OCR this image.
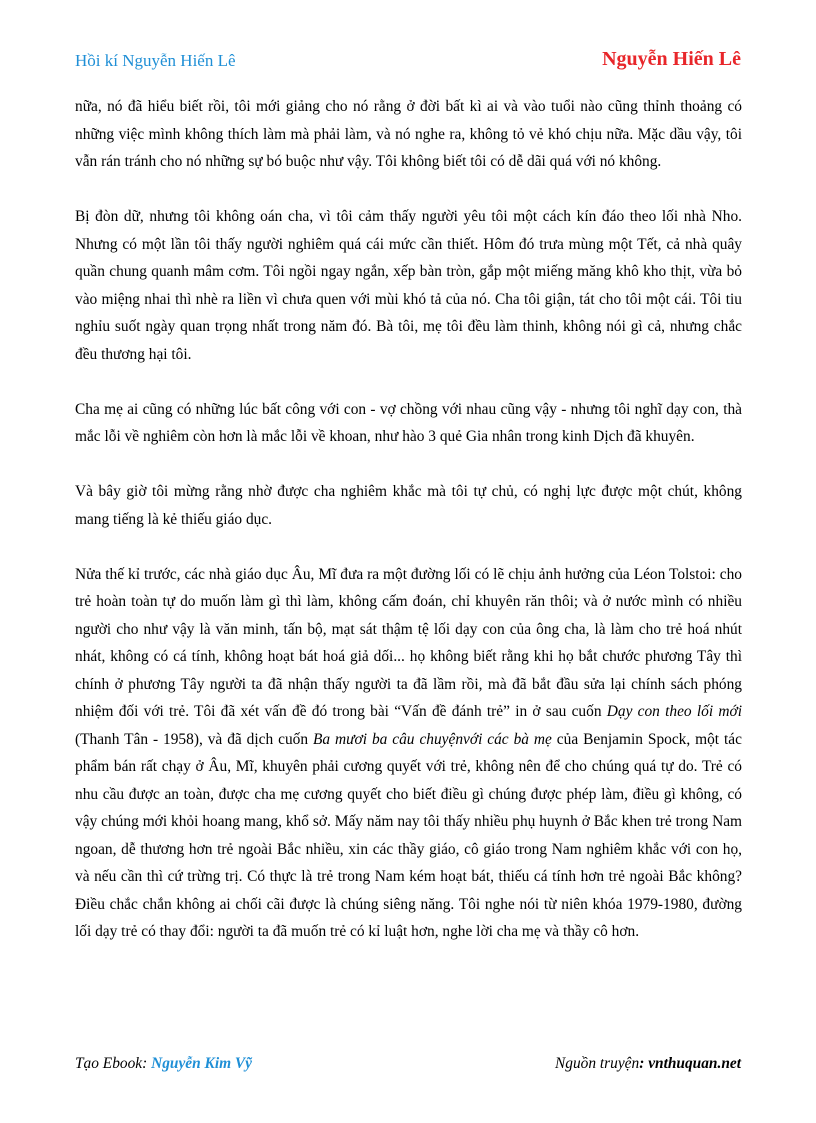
Hồi kí Nguyễn Hiến Lê	Nguyễn Hiến Lê

nữa, nó đã hiểu biết rồi, tôi mới giảng cho nó rằng ở đời bất kì ai và vào tuổi nào cũng thỉnh thoảng có những việc mình không thích làm mà phải làm, và nó nghe ra, không tỏ vẻ khó chịu nữa. Mặc dầu vậy, tôi vẫn rán tránh cho nó những sự bó buộc như vậy. Tôi không biết tôi có dễ dãi quá với nó không.

Bị đòn dữ, nhưng tôi không oán cha, vì tôi cảm thấy người yêu tôi một cách kín đáo theo lối nhà Nho. Nhưng có một lần tôi thấy người nghiêm quá cái mức cần thiết. Hôm đó trưa mùng một Tết, cả nhà quây quần chung quanh mâm cơm. Tôi ngồi ngay ngắn, xếp bàn tròn, gắp một miếng măng khô kho thịt, vừa bỏ vào miệng nhai thì nhè ra liền vì chưa quen với mùi khó tả của nó. Cha tôi giận, tát cho tôi một cái. Tôi tiu nghỉu suốt ngày quan trọng nhất trong năm đó. Bà tôi, mẹ tôi đều làm thinh, không nói gì cả, nhưng chắc đều thương hại tôi.

Cha mẹ ai cũng có những lúc bất công với con - vợ chồng với nhau cũng vậy - nhưng tôi nghĩ dạy con, thà mắc lỗi về nghiêm còn hơn là mắc lỗi về khoan, như hào 3 quẻ Gia nhân trong kinh Dịch đã khuyên.

Và bây giờ tôi mừng rằng nhờ được cha nghiêm khắc mà tôi tự chủ, có nghị lực được một chút, không mang tiếng là kẻ thiếu giáo dục.

Nửa thế kỉ trước, các nhà giáo dục Âu, Mĩ đưa ra một đường lối có lẽ chịu ảnh hưởng của Léon Tolstoi: cho trẻ hoàn toàn tự do muốn làm gì thì làm, không cấm đoán, chỉ khuyên răn thôi; và ở nước mình có nhiều người cho như vậy là văn minh, tấn bộ, mạt sát thậm tệ lối dạy con của ông cha, là làm cho trẻ hoá nhút nhát, không có cá tính, không hoạt bát hoá giả dối... họ không biết rằng khi họ bắt chước phương Tây thì chính ở phương Tây người ta đã nhận thấy người ta đã lầm rồi, mà đã bắt đầu sửa lại chính sách phóng nhiệm đối với trẻ. Tôi đã xét vấn đề đó trong bài “Vấn đề đánh trẻ” in ở sau cuốn Dạy con theo lối mới (Thanh Tân - 1958), và đã dịch cuốn Ba mươi ba câu chuyệnvới các bà mẹ của Benjamin Spock, một tác phẩm bán rất chạy ở Âu, Mĩ, khuyên phải cương quyết với trẻ, không nên để cho chúng quá tự do. Trẻ có nhu cầu được an toàn, được cha mẹ cương quyết cho biết điều gì chúng được phép làm, điều gì không, có vậy chúng mới khỏi hoang mang, khổ sở. Mấy năm nay tôi thấy nhiều phụ huynh ở Bắc khen trẻ trong Nam ngoan, dễ thương hơn trẻ ngoài Bắc nhiều, xin các thầy giáo, cô giáo trong Nam nghiêm khắc với con họ, và nếu cần thì cứ trừng trị. Có thực là trẻ trong Nam kém hoạt bát, thiếu cá tính hơn trẻ ngoài Bắc không? Điều chắc chắn không ai chối cãi được là chúng siêng năng. Tôi nghe nói từ niên khóa 1979-1980, đường lối dạy trẻ có thay đổi: người ta đã muốn trẻ có kỉ luật hơn, nghe lời cha mẹ và thầy cô hơn.

Tạo Ebook: Nguyễn Kim Vỹ	Nguồn truyện: vnthuquan.net
